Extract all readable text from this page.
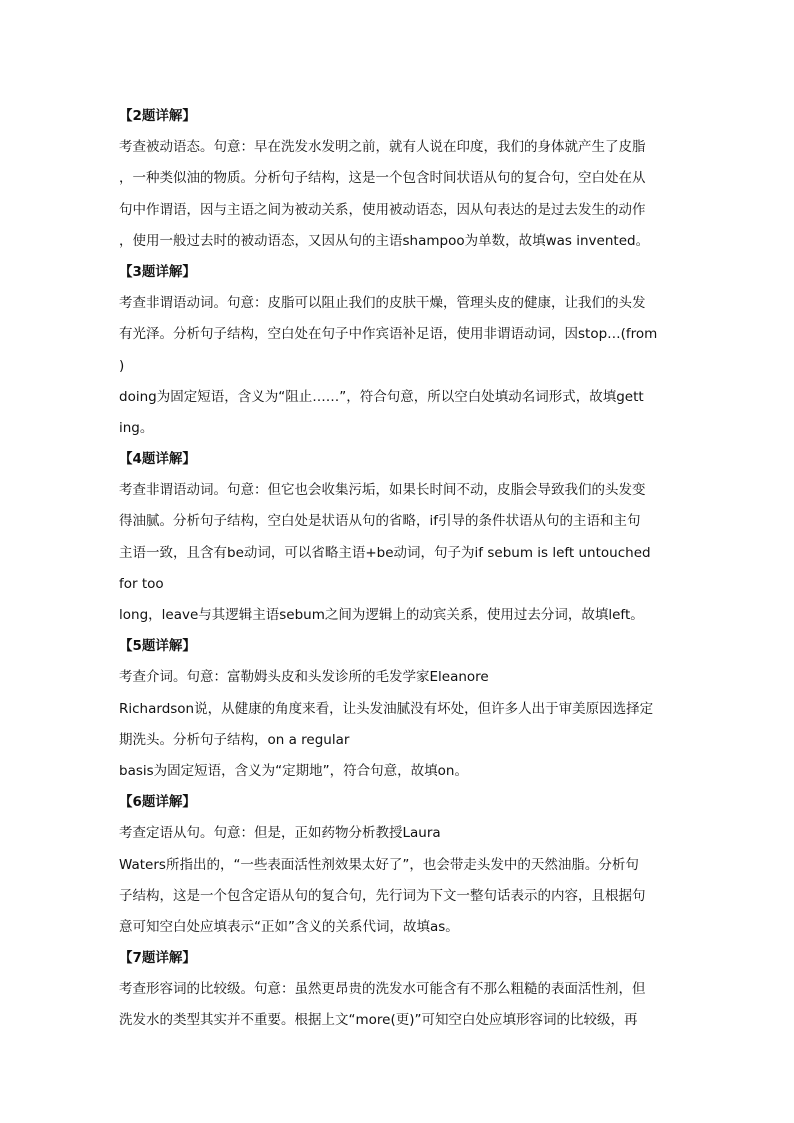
【2题详解】
考查被动语态。句意：早在洗发水发明之前，就有人说在印度，我们的身体就产生了皮脂
，一种类似油的物质。分析句子结构，这是一个包含时间状语从句的复合句，空白处在从
句中作谓语，因与主语之间为被动关系，使用被动语态，因从句表达的是过去发生的动作
，使用一般过去时的被动语态，又因从句的主语shampoo为单数，故填was invented。
【3题详解】
考查非谓语动词。句意：皮脂可以阻止我们的皮肤干燥，管理头皮的健康，让我们的头发
有光泽。分析句子结构，空白处在句子中作宾语补足语，使用非谓语动词，因stop…(from
)
doing为固定短语，含义为“阻止……”，符合句意，所以空白处填动名词形式，故填gett
ing。
【4题详解】
考查非谓语动词。句意：但它也会收集污垢，如果长时间不动，皮脂会导致我们的头发变
得油腻。分析句子结构，空白处是状语从句的省略，if引导的条件状语从句的主语和主句
主语一致，且含有be动词，可以省略主语+be动词，句子为if sebum is left untouched
for too
long，leave与其逻辑主语sebum之间为逻辑上的动宾关系，使用过去分词，故填left。
【5题详解】
考查介词。句意：富勒姆头皮和头发诊所的毛发学家Eleanore
Richardson说，从健康的角度来看，让头发油腻没有坏处，但许多人出于审美原因选择定
期洗头。分析句子结构，on a regular
basis为固定短语，含义为“定期地”，符合句意，故填on。
【6题详解】
考查定语从句。句意：但是，正如药物分析教授Laura
Waters所指出的，“一些表面活性剂效果太好了”，也会带走头发中的天然油脂。分析句
子结构，这是一个包含定语从句的复合句，先行词为下文一整句话表示的内容，且根据句
意可知空白处应填表示“正如”含义的关系代词，故填as。
【7题详解】
考查形容词的比较级。句意：虽然更昂贵的洗发水可能含有不那么粗糙的表面活性剂，但
洗发水的类型其实并不重要。根据上文“more(更)”可知空白处应填形容词的比较级，再
